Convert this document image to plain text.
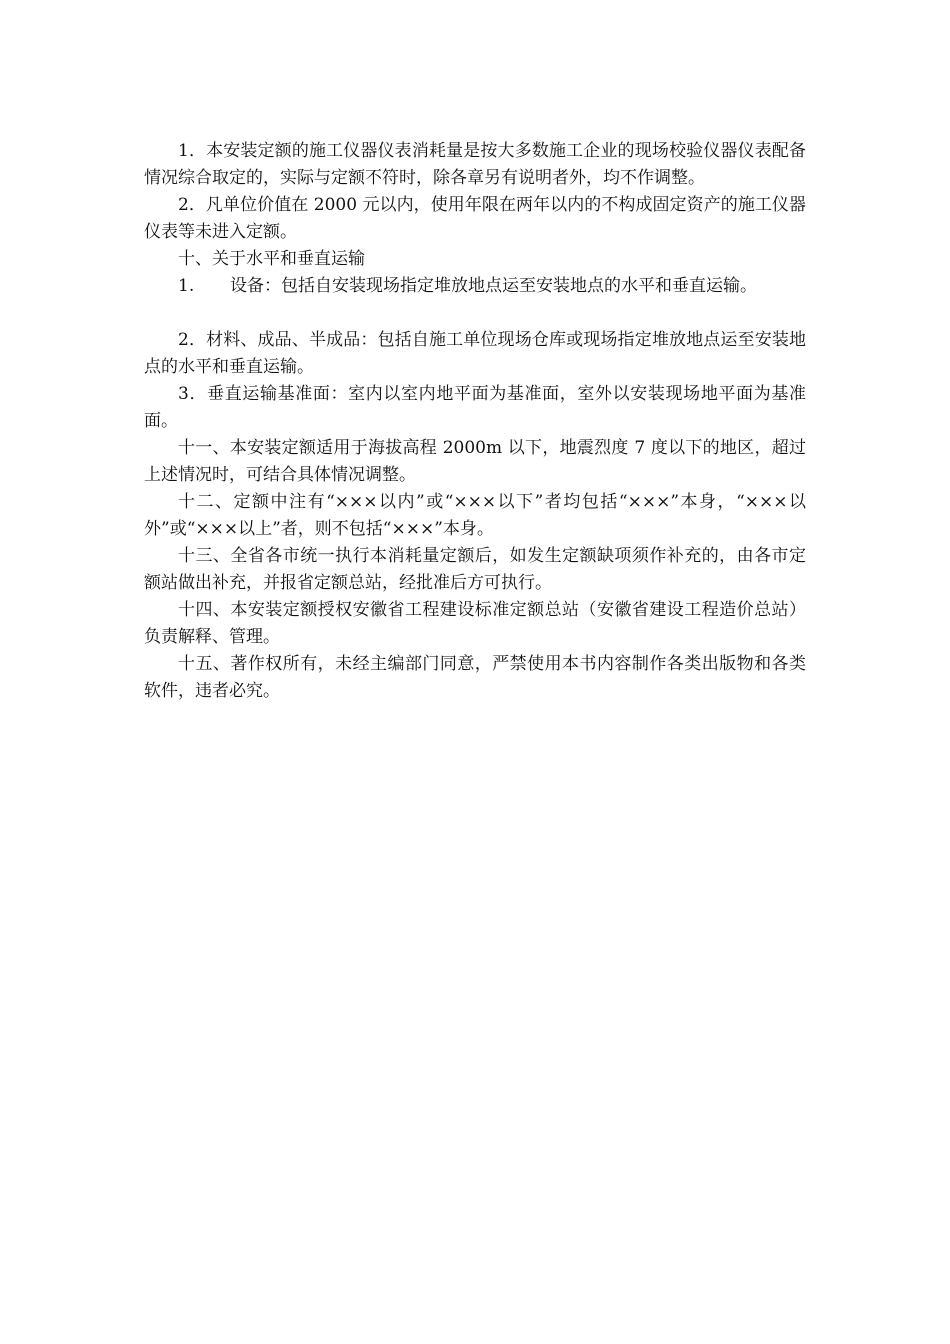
1．本安装定额的施工仪器仪表消耗量是按大多数施工企业的现场校验仪器仪表配备情况综合取定的，实际与定额不符时，除各章另有说明者外，均不作调整。

2．凡单位价值在 2000 元以内，使用年限在两年以内的不构成固定资产的施工仪器仪表等未进入定额。

十、关于水平和垂直运输

1. 设备：包括自安装现场指定堆放地点运至安装地点的水平和垂直运输。

2．材料、成品、半成品：包括自施工单位现场仓库或现场指定堆放地点运至安装地点的水平和垂直运输。

3．垂直运输基准面：室内以室内地平面为基准面，室外以安装现场地平面为基准面。

十一、本安装定额适用于海拔高程 2000m 以下，地震烈度 7 度以下的地区，超过上述情况时，可结合具体情况调整。

十二、定额中注有“×××以内”或“×××以下”者均包括“×××”本身，“×××以外”或“×××以上”者，则不包括“×××”本身。

十三、全省各市统一执行本消耗量定额后，如发生定额缺项须作补充的，由各市定额站做出补充，并报省定额总站，经批准后方可执行。

十四、本安装定额授权安徽省工程建设标准定额总站（安徽省建设工程造价总站）负责解释、管理。

十五、著作权所有，未经主编部门同意，严禁使用本书内容制作各类出版物和各类软件，违者必究。
